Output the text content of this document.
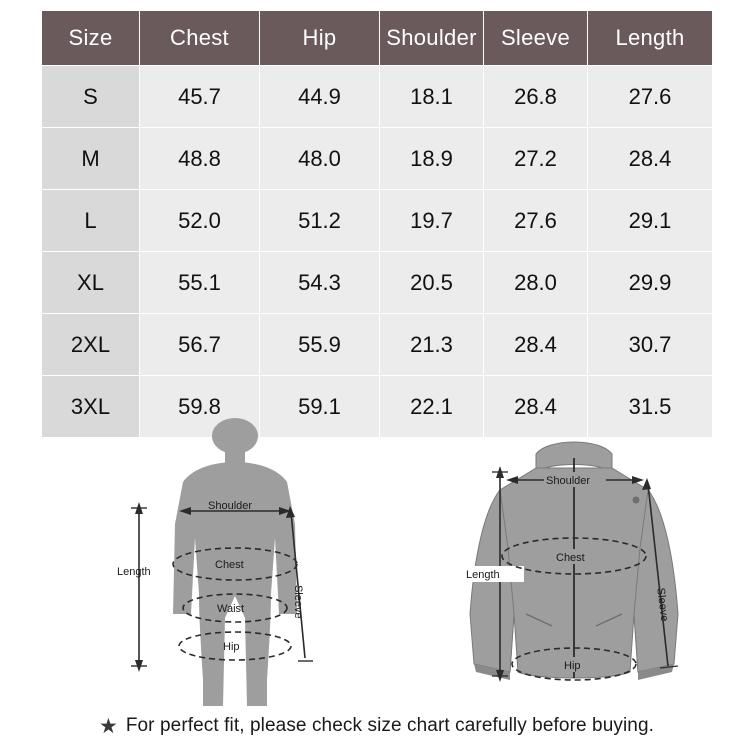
Size	Chest	Hip	Shoulder	Sleeve	Length
S	45.7	44.9	18.1	26.8	27.6
M	48.8	48.0	18.9	27.2	28.4
L	52.0	51.2	19.7	27.6	29.1
XL	55.1	54.3	20.5	28.0	29.9
2XL	56.7	55.9	21.3	28.4	30.7
3XL	59.8	59.1	22.1	28.4	31.5
Length
Shoulder
Chest
Waist
Hip
Sleeve
Length
Shoulder
Chest
Hip
Sleeve
★ For perfect fit, please check size chart carefully before buying.
